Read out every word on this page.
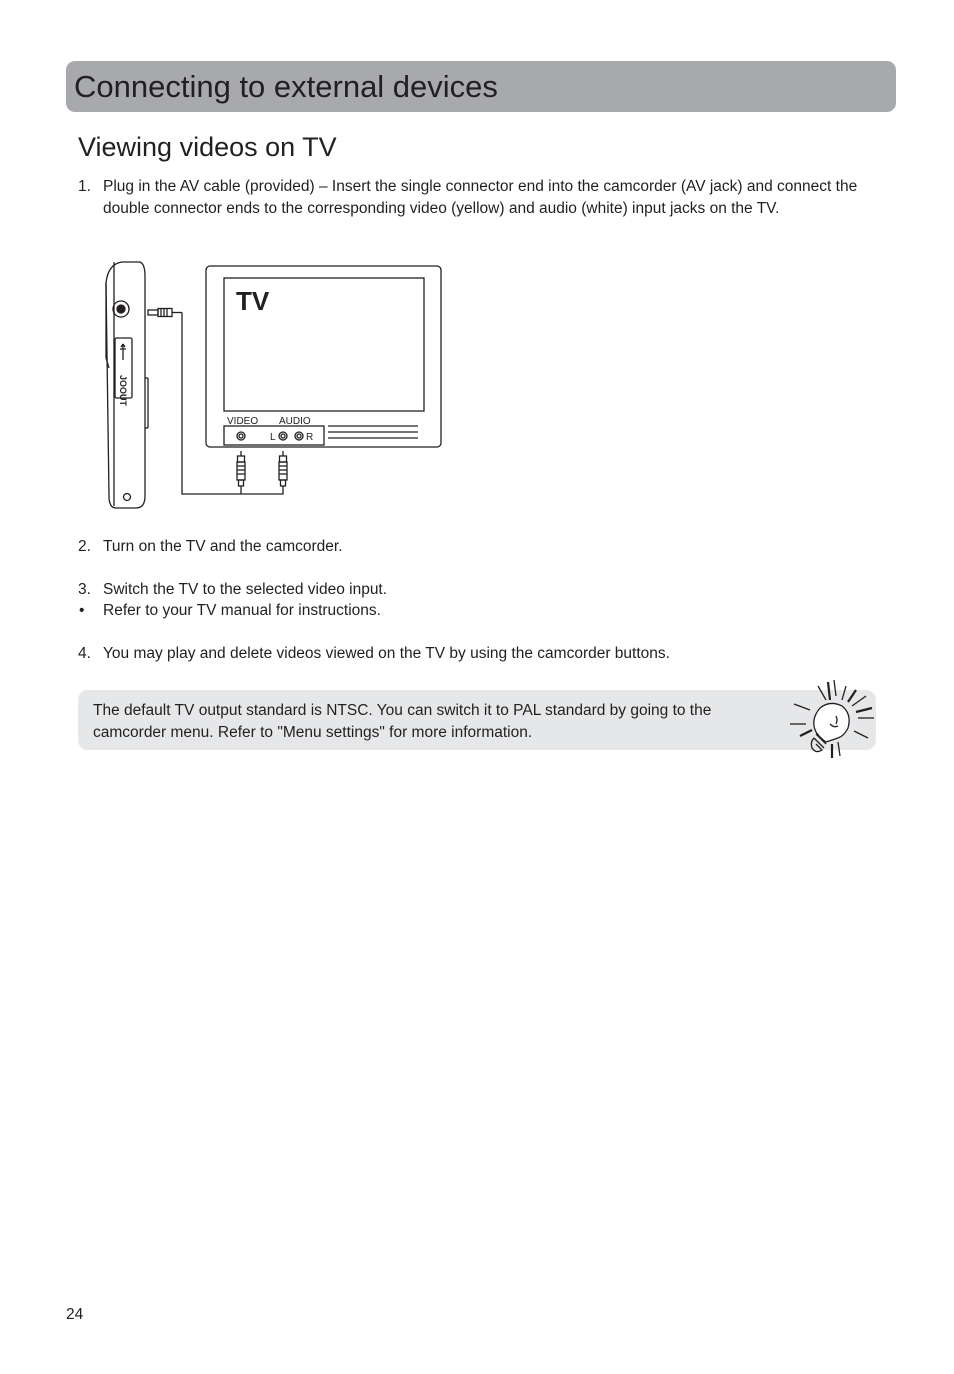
Connecting to external devices
Viewing videos on TV
1. Plug in the AV cable (provided) – Insert the single connector end into the camcorder (AV jack) and connect the double connector ends to the corresponding video (yellow) and audio (white) input jacks on the TV.
TV
VIDEO AUDIO
L	R
JOOUT
2. Turn on the TV and the camcorder.
3. Switch the TV to the selected video input.
• Refer to your TV manual for instructions.
4. You may play and delete videos viewed on the TV by using the camcorder buttons.
The default TV output standard is NTSC. You can switch it to PAL standard by going to the camcorder menu. Refer to "Menu settings" for more information.
24
